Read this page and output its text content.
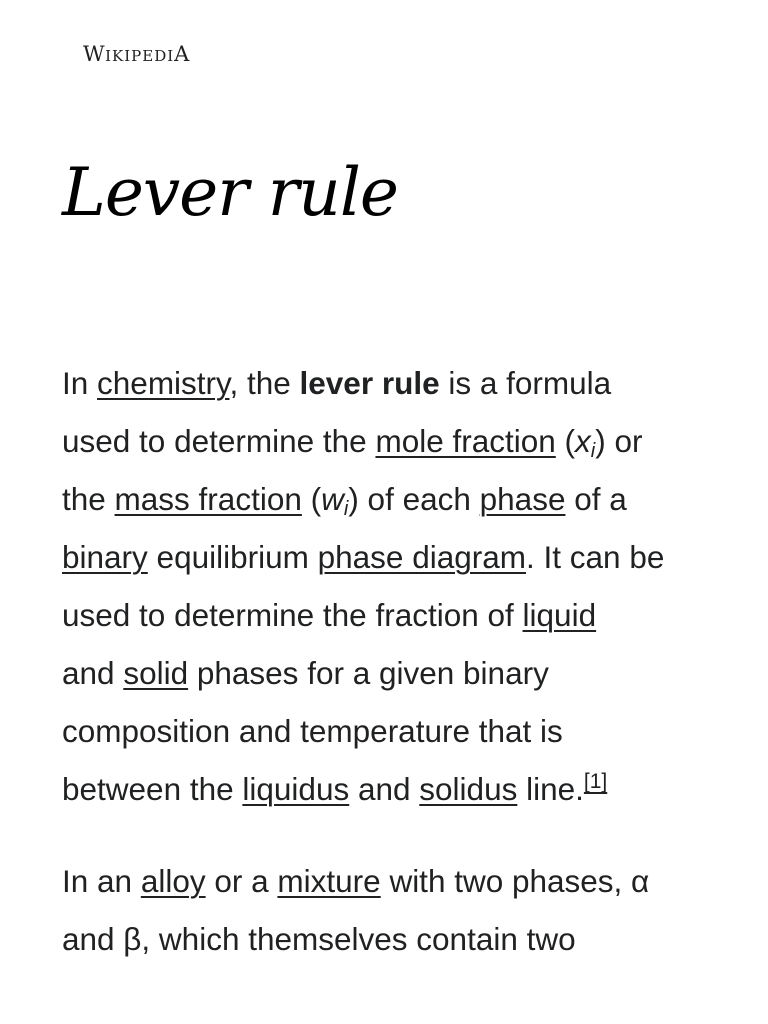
WIKIPEDIA
Lever rule

In chemistry, the lever rule is a formula
used to determine the mole fraction $(x_i)$ or
the mass fraction $(w_i)$ of each phase of a
binary equilibrium phase diagram. It can be
used to determine the fraction of liquid
and solid phases for a given binary
composition and temperature that is
between the liquidus and solidus line.[1]

In an alloy or a mixture with two phases, α
and β, which themselves contain two
